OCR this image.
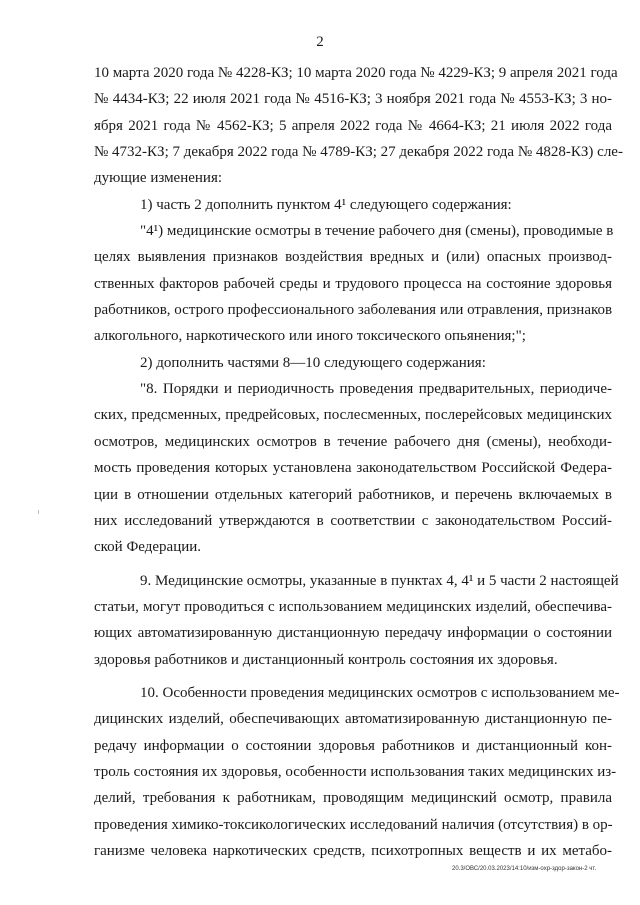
2
10 марта 2020 года № 4228-КЗ; 10 марта 2020 года № 4229-КЗ; 9 апреля 2021 года
№ 4434-КЗ; 22 июля 2021 года № 4516-КЗ; 3 ноября 2021 года № 4553-КЗ; 3 но-
ября 2021 года № 4562-КЗ; 5 апреля 2022 года № 4664-КЗ; 21 июля 2022 года
№ 4732-КЗ; 7 декабря 2022 года № 4789-КЗ; 27 декабря 2022 года № 4828-КЗ) сле-
дующие изменения:
1) часть 2 дополнить пунктом 4¹ следующего содержания:
"4¹) медицинские осмотры в течение рабочего дня (смены), проводимые в
целях выявления признаков воздействия вредных и (или) опасных производ-
ственных факторов рабочей среды и трудового процесса на состояние здоровья
работников, острого профессионального заболевания или отравления, признаков
алкогольного, наркотического или иного токсического опьянения;";
2) дополнить частями 8—10 следующего содержания:
"8. Порядки и периодичность проведения предварительных, периодиче-
ских, предсменных, предрейсовых, послесменных, послерейсовых медицинских
осмотров, медицинских осмотров в течение рабочего дня (смены), необходи-
мость проведения которых установлена законодательством Российской Федера-
ции в отношении отдельных категорий работников, и перечень включаемых в
них исследований утверждаются в соответствии с законодательством Россий-
ской Федерации.
9. Медицинские осмотры, указанные в пунктах 4, 4¹ и 5 части 2 настоящей
статьи, могут проводиться с использованием медицинских изделий, обеспечива-
ющих автоматизированную дистанционную передачу информации о состоянии
здоровья работников и дистанционный контроль состояния их здоровья.
10. Особенности проведения медицинских осмотров с использованием ме-
дицинских изделий, обеспечивающих автоматизированную дистанционную пе-
редачу информации о состоянии здоровья работников и дистанционный кон-
троль состояния их здоровья, особенности использования таких медицинских из-
делий, требования к работникам, проводящим медицинский осмотр, правила
проведения химико-токсикологических исследований наличия (отсутствия) в ор-
ганизме человека наркотических средств, психотропных веществ и их метабо-
20.3/ОВС/20.03.2023/14:10/изм-охр-здор-закон-2 чт.
